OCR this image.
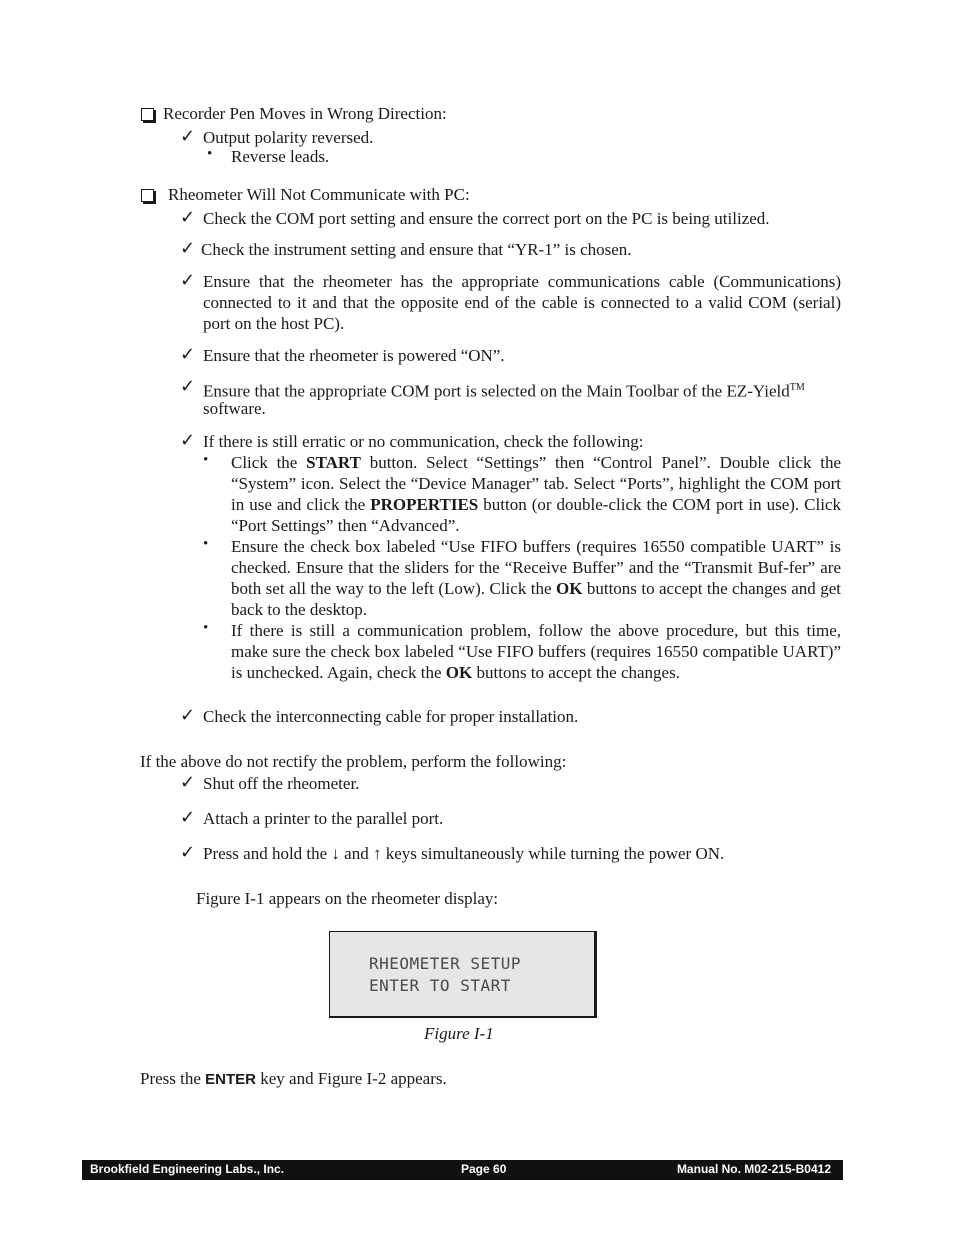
Recorder Pen Moves in Wrong Direction:
✓ Output polarity reversed.
• Reverse leads.
Rheometer Will Not Communicate with PC:
✓ Check the COM port setting and ensure the correct port on the PC is being utilized.
✓ Check the instrument setting and ensure that “YR-1” is chosen.
✓ Ensure that the rheometer has the appropriate communications cable (Communications) connected to it and that the opposite end of the cable is connected to a valid COM (serial) port on the host PC).
✓ Ensure that the rheometer is powered “ON”.
✓ Ensure that the appropriate COM port is selected on the Main Toolbar of the EZ-Yield™
software.
✓ If there is still erratic or no communication, check the following:
• Click the START button. Select “Settings” then “Control Panel”. Double click the “System” icon. Select the “Device Manager” tab. Select “Ports”, highlight the COM port in use and click the PROPERTIES button (or double-click the COM port in use). Click “Port Settings” then “Advanced”.
• Ensure the check box labeled “Use FIFO buffers (requires 16550 compatible UART” is checked. Ensure that the sliders for the “Receive Buffer” and the “Transmit Buf-fer” are both set all the way to the left (Low). Click the OK buttons to accept the changes and get back to the desktop.
• If there is still a communication problem, follow the above procedure, but this time, make sure the check box labeled “Use FIFO buffers (requires 16550 compatible UART)” is unchecked. Again, check the OK buttons to accept the changes.
✓ Check the interconnecting cable for proper installation.
If the above do not rectify the problem, perform the following:
✓ Shut off the rheometer.
✓ Attach a printer to the parallel port.
✓ Press and hold the ↓ and ↑ keys simultaneously while turning the power ON.
Figure I-1 appears on the rheometer display:
RHEOMETER SETUP
ENTER TO START
Figure I-1
Press the ENTER key and Figure I-2 appears.
Brookfield Engineering Labs., Inc.	Page 60	Manual No. M02-215-B0412
